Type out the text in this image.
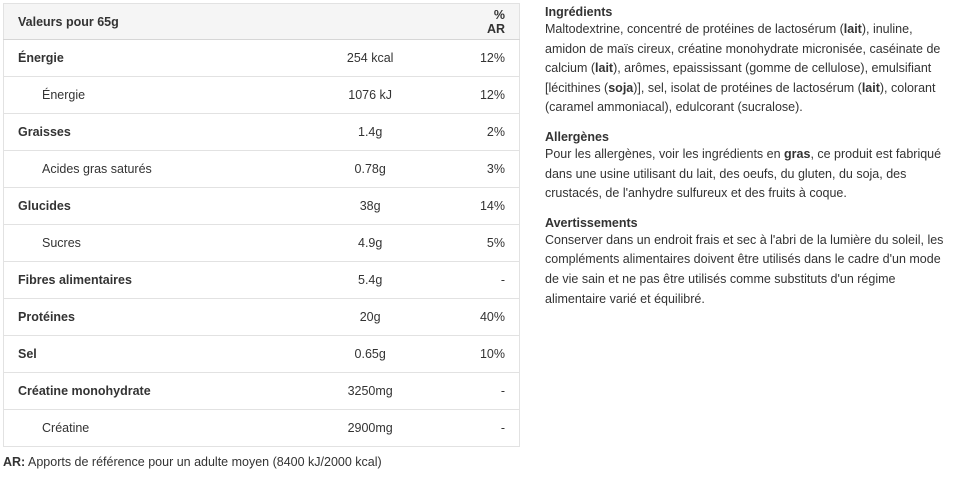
Valeurs pour 65g		% AR
Énergie	254 kcal	12%
Énergie	1076 kJ	12%
Graisses	1.4g	2%
Acides gras saturés	0.78g	3%
Glucides	38g	14%
Sucres	4.9g	5%
Fibres alimentaires	5.4g	-
Protéines	20g	40%
Sel	0.65g	10%
Créatine monohydrate	3250mg	-
Créatine	2900mg	-
AR: Apports de référence pour un adulte moyen (8400 kJ/2000 kcal)
Ingrédients

Maltodextrine, concentré de protéines de lactosérum (lait), inuline, amidon de maïs cireux, créatine monohydrate micronisée, caséinate de calcium (lait), arômes, epaississant (gomme de cellulose), emulsifiant [lécithines (soja)], sel, isolat de protéines de lactosérum (lait), colorant (caramel ammoniacal), edulcorant (sucralose).

Allergènes

Pour les allergènes, voir les ingrédients en gras, ce produit est fabriqué dans une usine utilisant du lait, des oeufs, du gluten, du soja, des crustacés, de l'anhydre sulfureux et des fruits à coque.

Avertissements

Conserver dans un endroit frais et sec à l'abri de la lumière du soleil, les compléments alimentaires doivent être utilisés dans le cadre d'un mode de vie sain et ne pas être utilisés comme substituts d'un régime alimentaire varié et équilibré.
